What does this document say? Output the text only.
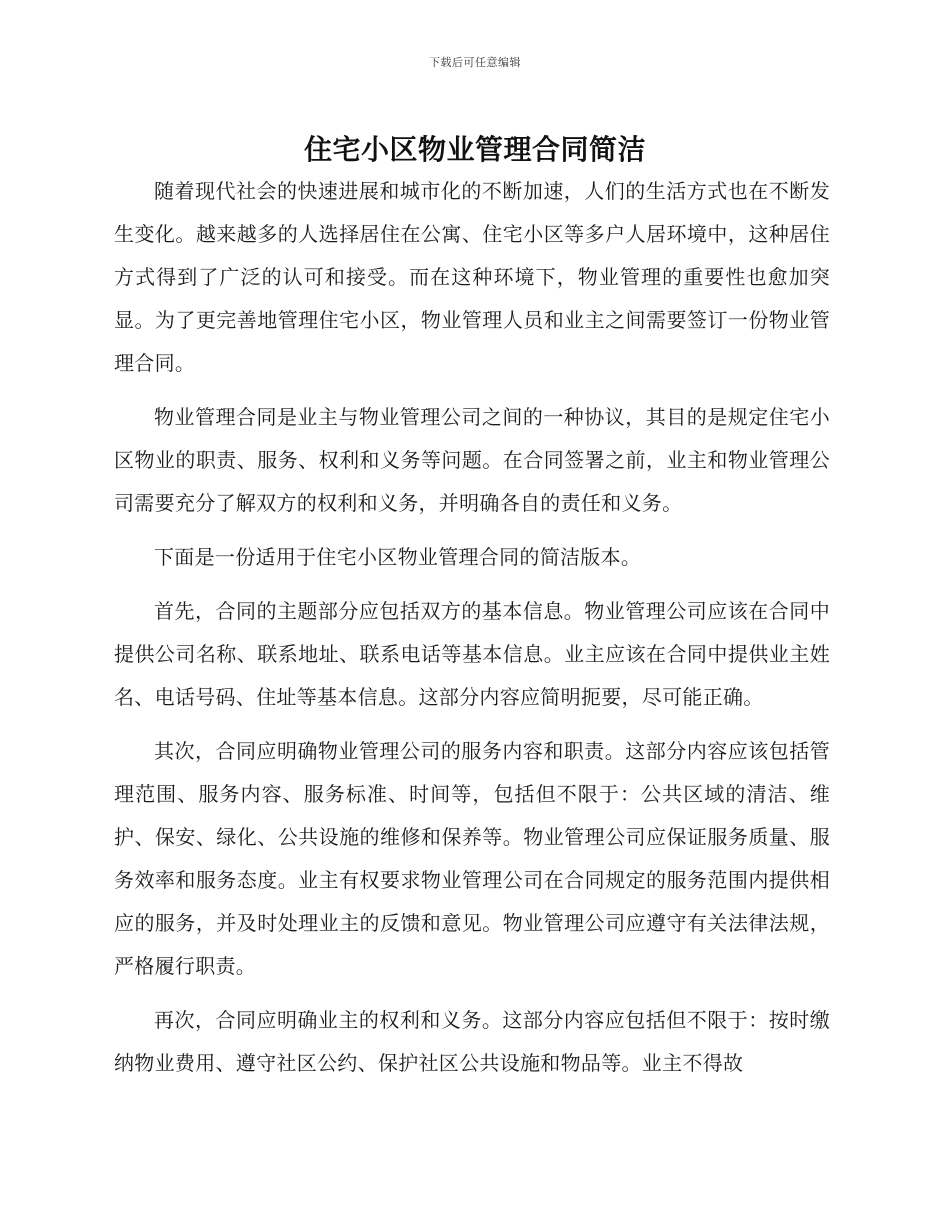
下载后可任意编辑
住宅小区物业管理合同简洁

随着现代社会的快速进展和城市化的不断加速，人们的生活方式也在不断发生变化。越来越多的人选择居住在公寓、住宅小区等多户人居环境中，这种居住方式得到了广泛的认可和接受。而在这种环境下，物业管理的重要性也愈加突显。为了更完善地管理住宅小区，物业管理人员和业主之间需要签订一份物业管理合同。

物业管理合同是业主与物业管理公司之间的一种协议，其目的是规定住宅小区物业的职责、服务、权利和义务等问题。在合同签署之前，业主和物业管理公司需要充分了解双方的权利和义务，并明确各自的责任和义务。

下面是一份适用于住宅小区物业管理合同的简洁版本。

首先，合同的主题部分应包括双方的基本信息。物业管理公司应该在合同中提供公司名称、联系地址、联系电话等基本信息。业主应该在合同中提供业主姓名、电话号码、住址等基本信息。这部分内容应简明扼要，尽可能正确。

其次，合同应明确物业管理公司的服务内容和职责。这部分内容应该包括管理范围、服务内容、服务标准、时间等，包括但不限于：公共区域的清洁、维护、保安、绿化、公共设施的维修和保养等。物业管理公司应保证服务质量、服务效率和服务态度。业主有权要求物业管理公司在合同规定的服务范围内提供相应的服务，并及时处理业主的反馈和意见。物业管理公司应遵守有关法律法规，严格履行职责。

再次，合同应明确业主的权利和义务。这部分内容应包括但不限于：按时缴纳物业费用、遵守社区公约、保护社区公共设施和物品等。业主不得故
